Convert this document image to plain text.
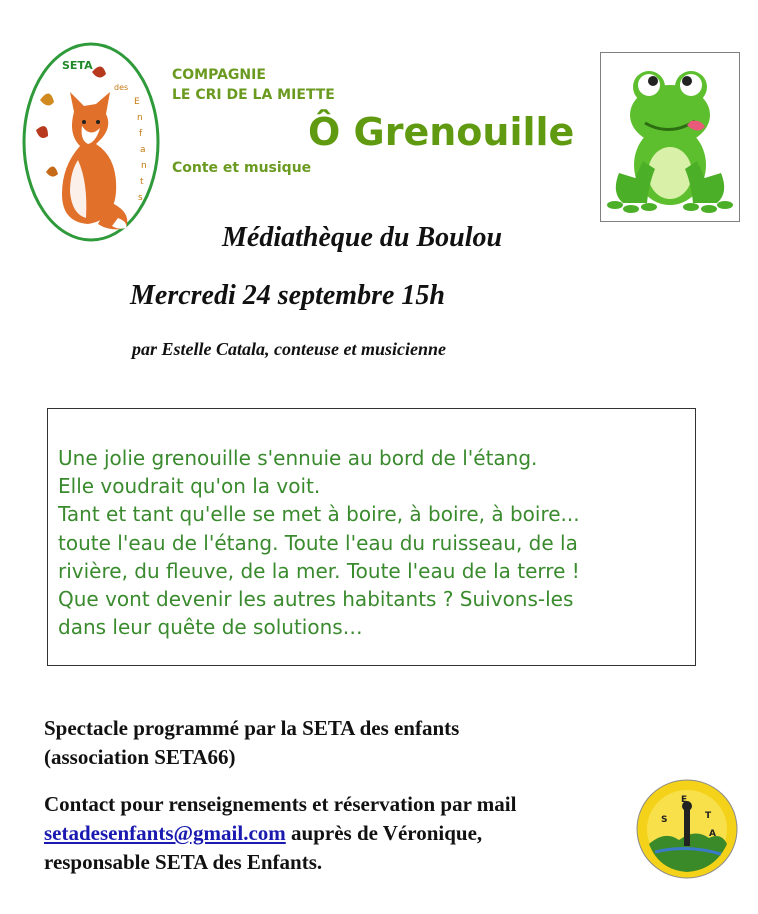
SETA
des
E
n
f
a
n
t
s
COMPAGNIE
LE CRI DE LA MIETTE
Ô Grenouille
Conte et musique
Médiathèque du Boulou
Mercredi 24 septembre 15h
par Estelle Catala, conteuse et musicienne
Une jolie grenouille s'ennuie au bord de l'étang.
Elle voudrait qu'on la voit.
Tant et tant qu'elle se met à boire, à boire, à boire...
toute l'eau de l'étang. Toute l'eau du ruisseau, de la
rivière, du fleuve, de la mer. Toute l'eau de la terre !
Que vont devenir les autres habitants ? Suivons-les
dans leur quête de solutions…
Spectacle programmé par la SETA des enfants
(association SETA66)
Contact pour renseignements et réservation par mail
setadesenfants@gmail.com auprès de Véronique,
responsable SETA des Enfants.
E
S	T
A
